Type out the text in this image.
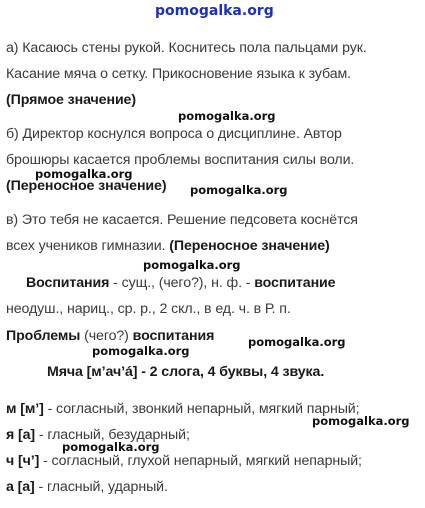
pomogalka.org
а) Касаюсь стены рукой. Коснитесь пола пальцами рук.
Касание мяча о сетку. Прикосновение языка к зубам.
(Прямое значение)
pomogalka.org
б) Директор коснулся вопроса о дисциплине. Автор
брошюры касается проблемы воспитания силы воли.
pomogalka.org
(Переносное значение) pomogalka.org
в) Это тебя не касается. Решение педсовета коснётся
всех учеников гимназии. (Переносное значение)
pomogalka.org
Воспитания - сущ., (чего?), н. ф. - воспитание
неодуш., нариц., ср. р., 2 скл., в ед. ч. в Р. п.
Проблемы (чего?) воспитания	pomogalka.org
pomogalka.org
Мяча [м’ач’á] - 2 слога, 4 буквы, 4 звука.
м [м’] - согласный, звонкий непарный, мягкий парный;
pomogalka.org
я [а] - гласный, безударный;
pomogalka.org
ч [ч’] - согласный, глухой непарный, мягкий непарный;
а [а] - гласный, ударный.
